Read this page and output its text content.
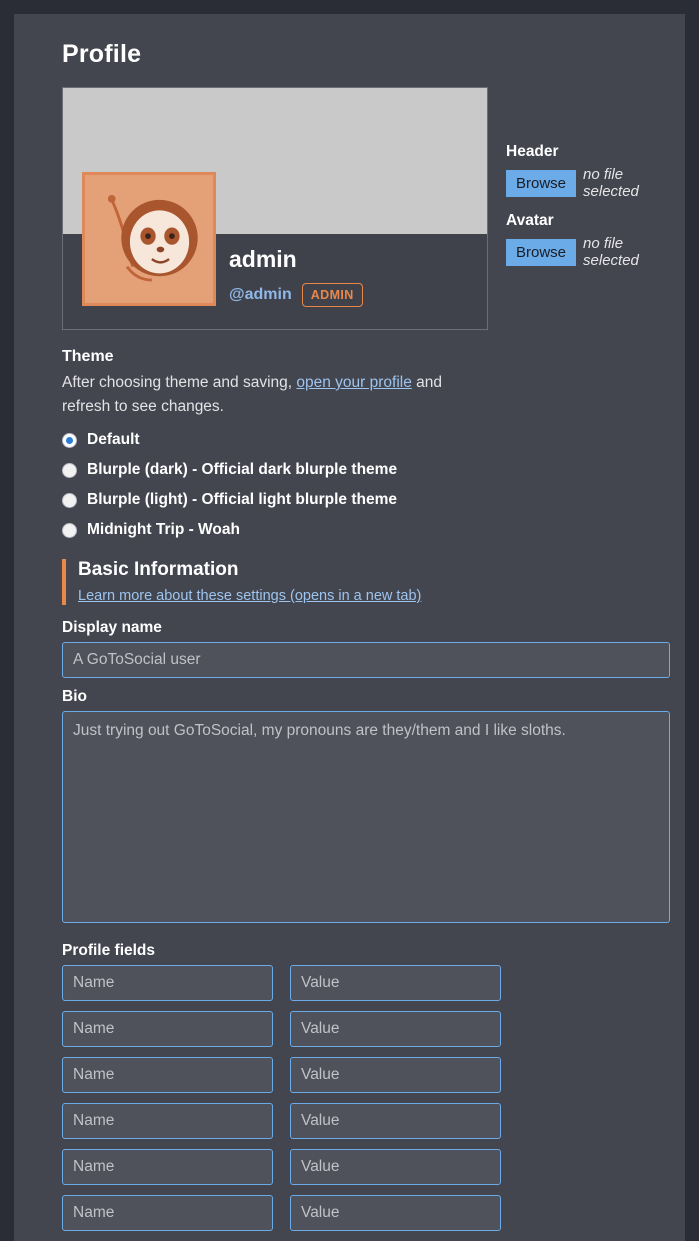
Profile
admin
@admin	ADMIN
Header
Browse	no file selected
Avatar
Browse	no file selected
Theme

After choosing theme and saving, open your profile and refresh to see changes.

Default
Blurple (dark) - Official dark blurple theme
Blurple (light) - Official light blurple theme
Midnight Trip - Woah
Basic Information
Learn more about these settings (opens in a new tab)
Display name
A GoToSocial user
Bio
Just trying out GoToSocial, my pronouns are they/them and I like sloths.
Profile fields
Name
Value
Name
Value
Name
Value
Name
Value
Name
Value
Name
Value
